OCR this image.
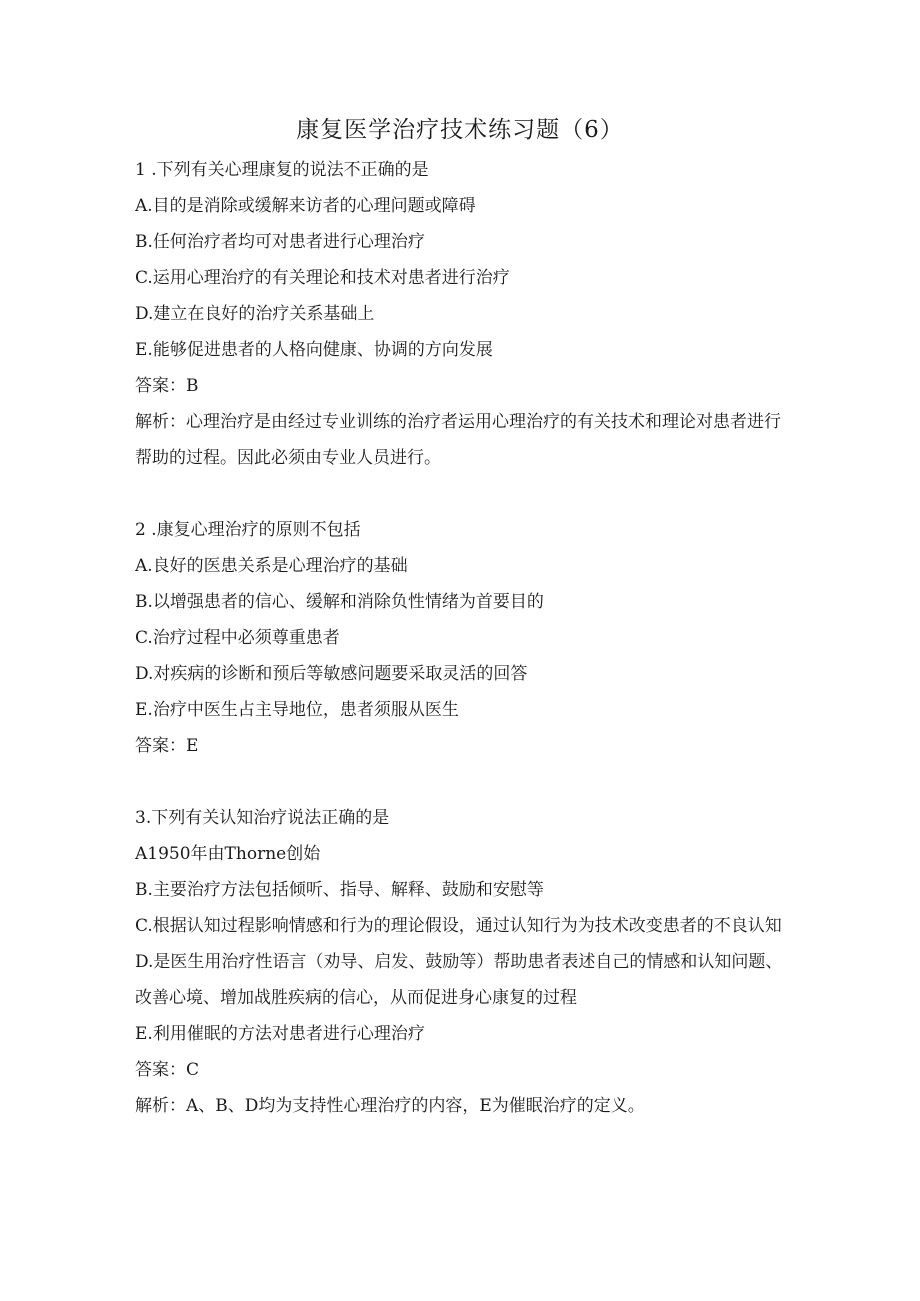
康复医学治疗技术练习题（6）
1 .下列有关心理康复的说法不正确的是
A.目的是消除或缓解来访者的心理问题或障碍
B.任何治疗者均可对患者进行心理治疗
C.运用心理治疗的有关理论和技术对患者进行治疗
D.建立在良好的治疗关系基础上
E.能够促进患者的人格向健康、协调的方向发展
答案：B
解析：心理治疗是由经过专业训练的治疗者运用心理治疗的有关技术和理论对患者进行帮助的过程。因此必须由专业人员进行。
2 .康复心理治疗的原则不包括
A.良好的医患关系是心理治疗的基础
B.以增强患者的信心、缓解和消除负性情绪为首要目的
C.治疗过程中必须尊重患者
D.对疾病的诊断和预后等敏感问题要采取灵活的回答
E.治疗中医生占主导地位，患者须服从医生
答案：E
3.下列有关认知治疗说法正确的是
A1950年由Thorne创始
B.主要治疗方法包括倾听、指导、解释、鼓励和安慰等
C.根据认知过程影响情感和行为的理论假设，通过认知行为为技术改变患者的不良认知
D.是医生用治疗性语言（劝导、启发、鼓励等）帮助患者表述自己的情感和认知问题、改善心境、增加战胜疾病的信心，从而促进身心康复的过程
E.利用催眠的方法对患者进行心理治疗
答案：C
解析：A、B、D均为支持性心理治疗的内容，E为催眠治疗的定义。
